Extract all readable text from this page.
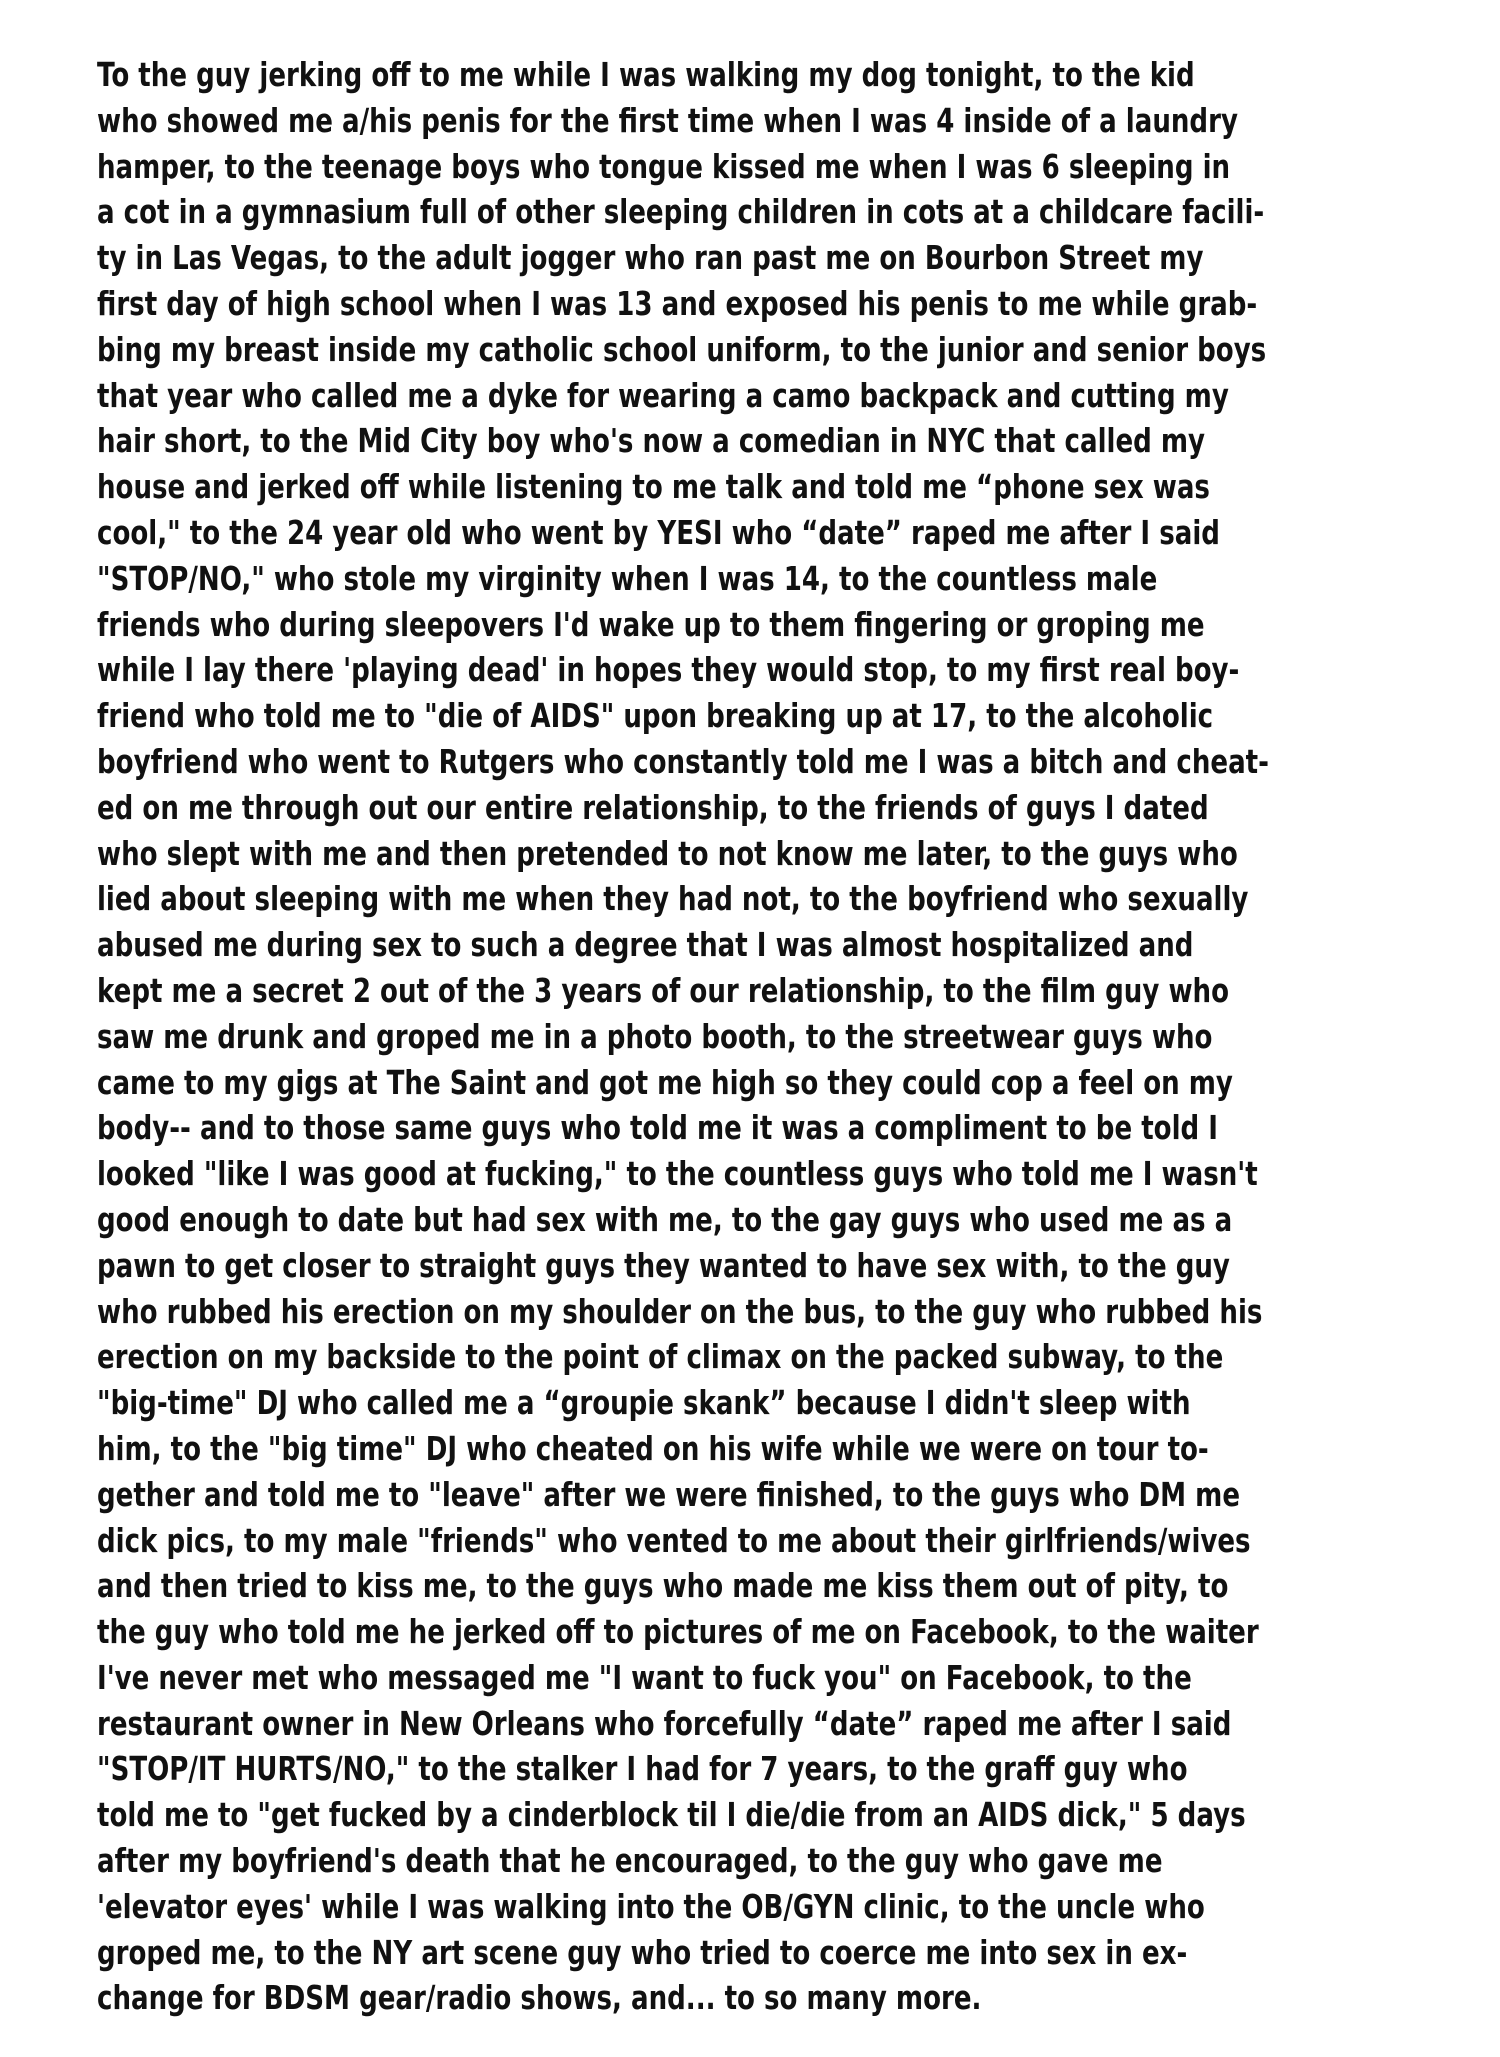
To the guy jerking off to me while I was walking my dog tonight, to the kid
who showed me a/his penis for the first time when I was 4 inside of a laundry
hamper, to the teenage boys who tongue kissed me when I was 6 sleeping in
a cot in a gymnasium full of other sleeping children in cots at a childcare facili-
ty in Las Vegas, to the adult jogger who ran past me on Bourbon Street my
first day of high school when I was 13 and exposed his penis to me while grab-
bing my breast inside my catholic school uniform, to the junior and senior boys
that year who called me a dyke for wearing a camo backpack and cutting my
hair short, to the Mid City boy who's now a comedian in NYC that called my
house and jerked off while listening to me talk and told me “phone sex was
cool," to the 24 year old who went by YESI who “date” raped me after I said
"STOP/NO," who stole my virginity when I was 14, to the countless male
friends who during sleepovers I'd wake up to them fingering or groping me
while I lay there 'playing dead' in hopes they would stop, to my first real boy-
friend who told me to "die of AIDS" upon breaking up at 17, to the alcoholic
boyfriend who went to Rutgers who constantly told me I was a bitch and cheat-
ed on me through out our entire relationship, to the friends of guys I dated
who slept with me and then pretended to not know me later, to the guys who
lied about sleeping with me when they had not, to the boyfriend who sexually
abused me during sex to such a degree that I was almost hospitalized and
kept me a secret 2 out of the 3 years of our relationship, to the film guy who
saw me drunk and groped me in a photo booth, to the streetwear guys who
came to my gigs at The Saint and got me high so they could cop a feel on my
body-- and to those same guys who told me it was a compliment to be told I
looked "like I was good at fucking," to the countless guys who told me I wasn't
good enough to date but had sex with me, to the gay guys who used me as a
pawn to get closer to straight guys they wanted to have sex with, to the guy
who rubbed his erection on my shoulder on the bus, to the guy who rubbed his
erection on my backside to the point of climax on the packed subway, to the
"big-time" DJ who called me a “groupie skank” because I didn't sleep with
him, to the "big time" DJ who cheated on his wife while we were on tour to-
gether and told me to "leave" after we were finished, to the guys who DM me
dick pics, to my male "friends" who vented to me about their girlfriends/wives
and then tried to kiss me, to the guys who made me kiss them out of pity, to
the guy who told me he jerked off to pictures of me on Facebook, to the waiter
I've never met who messaged me "I want to fuck you" on Facebook, to the
restaurant owner in New Orleans who forcefully “date” raped me after I said
"STOP/IT HURTS/NO," to the stalker I had for 7 years, to the graff guy who
told me to "get fucked by a cinderblock til I die/die from an AIDS dick," 5 days
after my boyfriend's death that he encouraged, to the guy who gave me
'elevator eyes' while I was walking into the OB/GYN clinic, to the uncle who
groped me, to the NY art scene guy who tried to coerce me into sex in ex-
change for BDSM gear/radio shows, and... to so many more.
